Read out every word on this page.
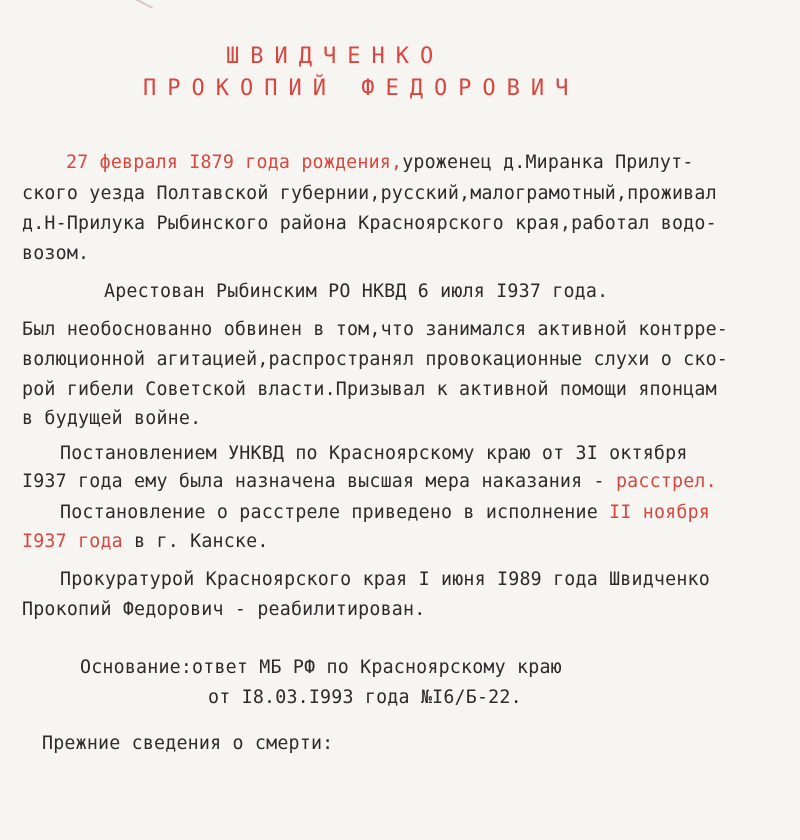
ШВИДЧЕНКО
ПРОКОПИЙ ФЕДОРОВИЧ
27 февраля I879 года рождения,уроженец д.Миранка Прилут-
ского уезда Полтавской губернии,русский,малограмотный,проживал
д.Н-Прилука Рыбинского района Красноярского края,работал водо-
возом.
Арестован Рыбинским РО НКВД 6 июля I937 года.
Был необоснованно обвинен в том,что занимался активной контрре-
волюционной агитацией,распространял провокационные слухи о ско-
рой гибели Советской власти.Призывал к активной помощи японцам
в будущей войне.
Постановлением УНКВД по Красноярскому краю от 3I октября
I937 года ему была назначена высшая мера наказания - расстрел.
Постановление о расстреле приведено в исполнение II ноября
I937 года в г. Канске.
Прокуратурой Красноярского края I июня I989 года Швидченко
Прокопий Федорович - реабилитирован.
Основание:ответ МБ РФ по Красноярскому краю
от I8.03.I993 года №I6/Б-22.
Прежние сведения о смерти:
